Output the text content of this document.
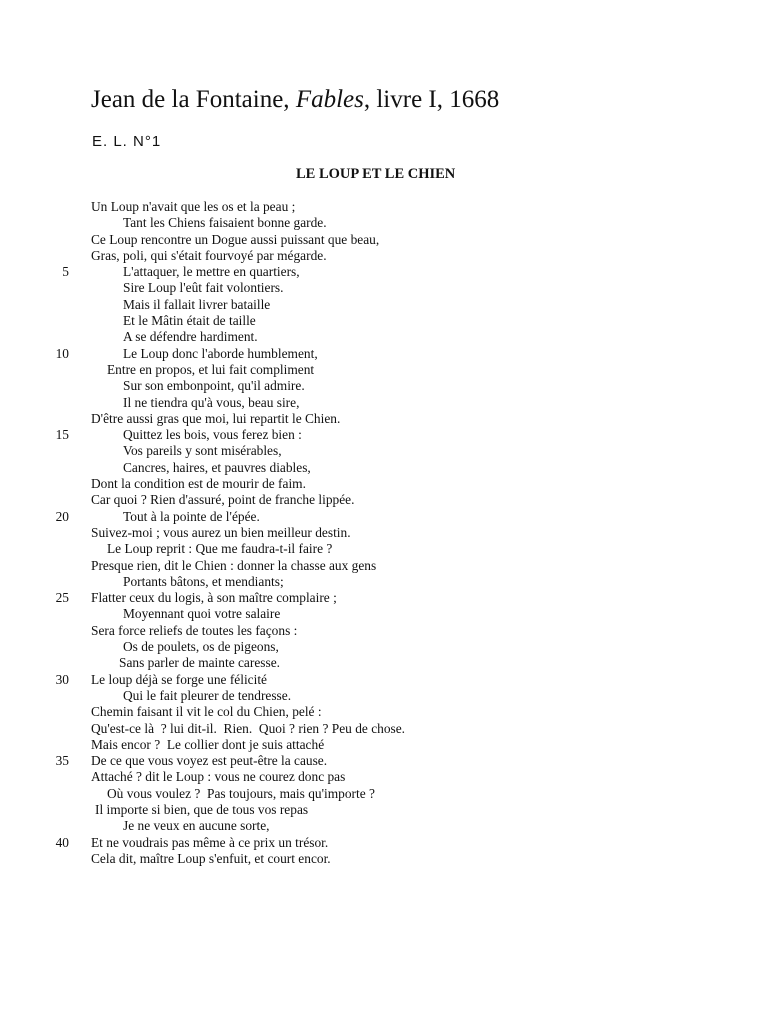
Jean de la Fontaine, Fables, livre I, 1668
E. L. N°1
LE LOUP ET LE CHIEN
Un Loup n'avait que les os et la peau ;
Tant les Chiens faisaient bonne garde.
Ce Loup rencontre un Dogue aussi puissant que beau,
Gras, poli, qui s'était fourvoyé par mégarde.
5	L'attaquer, le mettre en quartiers,
Sire Loup l'eût fait volontiers.
Mais il fallait livrer bataille
Et le Mâtin était de taille
A se défendre hardiment.
10	Le Loup donc l'aborde humblement,
Entre en propos, et lui fait compliment
Sur son embonpoint, qu'il admire.
Il ne tiendra qu'à vous, beau sire,
D'être aussi gras que moi, lui repartit le Chien.
15	Quittez les bois, vous ferez bien :
Vos pareils y sont misérables,
Cancres, haires, et pauvres diables,
Dont la condition est de mourir de faim.
Car quoi ? Rien d'assuré, point de franche lippée.
20	Tout à la pointe de l'épée.
Suivez-moi ; vous aurez un bien meilleur destin.
Le Loup reprit : Que me faudra-t-il faire ?
Presque rien, dit le Chien : donner la chasse aux gens
Portants bâtons, et mendiants;
25 Flatter ceux du logis, à son maître complaire ;
Moyennant quoi votre salaire
Sera force reliefs de toutes les façons :
Os de poulets, os de pigeons,
Sans parler de mainte caresse.
30 Le loup déjà se forge une félicité
Qui le fait pleurer de tendresse.
Chemin faisant il vit le col du Chien, pelé :
Qu'est-ce là  ? lui dit-il.  Rien.  Quoi ? rien ? Peu de chose.
Mais encor ?  Le collier dont je suis attaché
35 De ce que vous voyez est peut-être la cause.
Attaché ? dit le Loup : vous ne courez donc pas
Où vous voulez ?  Pas toujours, mais qu'importe ?
Il importe si bien, que de tous vos repas
Je ne veux en aucune sorte,
40 Et ne voudrais pas même à ce prix un trésor.
Cela dit, maître Loup s'enfuit, et court encor.
